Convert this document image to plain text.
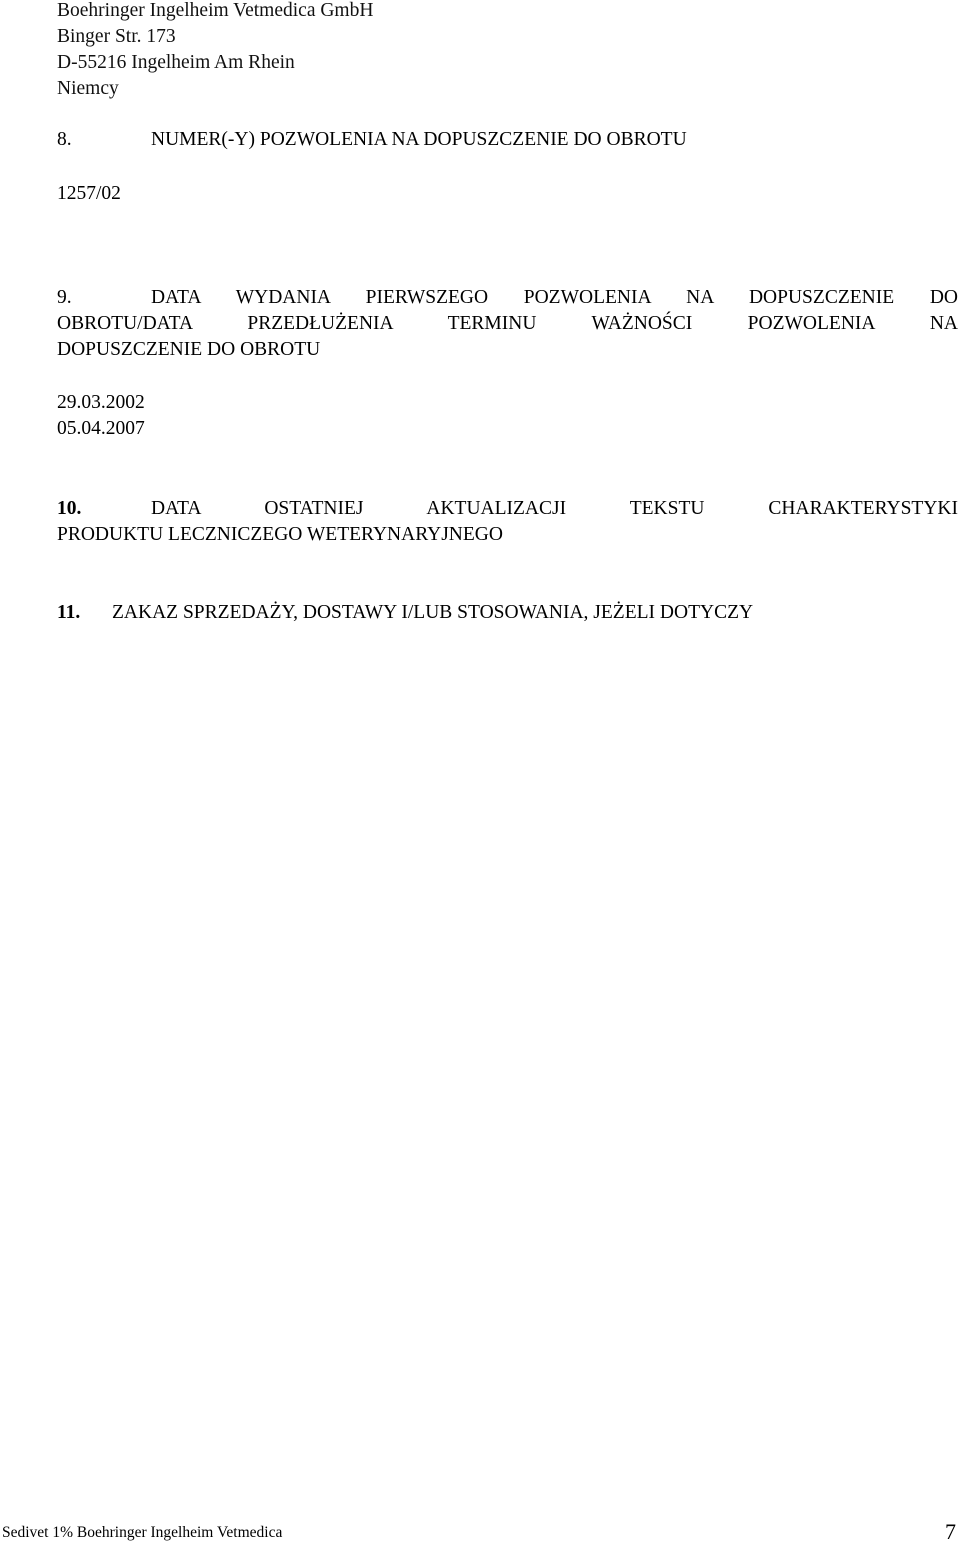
Boehringer Ingelheim Vetmedica GmbH
Binger Str. 173
D-55216 Ingelheim Am Rhein
Niemcy
8.	NUMER(-Y) POZWOLENIA NA DOPUSZCZENIE DO OBROTU
1257/02
9.	DATA WYDANIA PIERWSZEGO POZWOLENIA NA DOPUSZCZENIE DO
OBROTU/DATA PRZEDŁUŻENIA TERMINU WAŻNOŚCI POZWOLENIA NA
DOPUSZCZENIE DO OBROTU
29.03.2002
05.04.2007
10.	DATA OSTATNIEJ AKTUALIZACJI TEKSTU CHARAKTERYSTYKI
PRODUKTU LECZNICZEGO WETERYNARYJNEGO
11.	ZAKAZ SPRZEDAŻY, DOSTAWY I/LUB STOSOWANIA, JEŻELI DOTYCZY
Sedivet 1% Boehringer Ingelheim Vetmedica	7
